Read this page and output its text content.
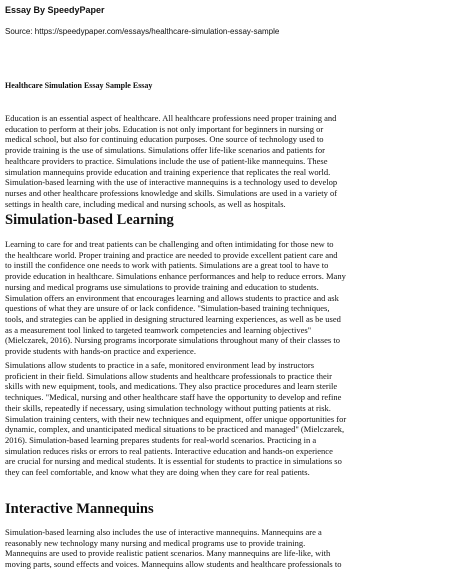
Essay By SpeedyPaper
Source: https://speedypaper.com/essays/healthcare-simulation-essay-sample
Healthcare Simulation Essay Sample Essay
Education is an essential aspect of healthcare. All healthcare professions need proper training and
education to perform at their jobs. Education is not only important for beginners in nursing or
medical school, but also for continuing education purposes. One source of technology used to
provide training is the use of simulations. Simulations offer life-like scenarios and patients for
healthcare providers to practice. Simulations include the use of patient-like mannequins. These
simulation mannequins provide education and training experience that replicates the real world.
Simulation-based learning with the use of interactive mannequins is a technology used to develop
nurses and other healthcare professions knowledge and skills. Simulations are used in a variety of
settings in health care, including medical and nursing schools, as well as hospitals.
Simulation-based Learning
Learning to care for and treat patients can be challenging and often intimidating for those new to
the healthcare world. Proper training and practice are needed to provide excellent patient care and
to instill the confidence one needs to work with patients. Simulations are a great tool to have to
provide education in healthcare. Simulations enhance performances and help to reduce errors. Many
nursing and medical programs use simulations to provide training and education to students.
Simulation offers an environment that encourages learning and allows students to practice and ask
questions of what they are unsure of or lack confidence. "Simulation-based training techniques,
tools, and strategies can be applied in designing structured learning experiences, as well as be used
as a measurement tool linked to targeted teamwork competencies and learning objectives"
(Mielczarek, 2016). Nursing programs incorporate simulations throughout many of their classes to
provide students with hands-on practice and experience.
Simulations allow students to practice in a safe, monitored environment lead by instructors
proficient in their field. Simulations allow students and healthcare professionals to practice their
skills with new equipment, tools, and medications. They also practice procedures and learn sterile
techniques. "Medical, nursing and other healthcare staff have the opportunity to develop and refine
their skills, repeatedly if necessary, using simulation technology without putting patients at risk.
Simulation training centers, with their new techniques and equipment, offer unique opportunities for
dynamic, complex, and unanticipated medical situations to be practiced and managed" (Mielczarek,
2016). Simulation-based learning prepares students for real-world scenarios. Practicing in a
simulation reduces risks or errors to real patients. Interactive education and hands-on experience
are crucial for nursing and medical students. It is essential for students to practice in simulations so
they can feel comfortable, and know what they are doing when they care for real patients.
Interactive Mannequins
Simulation-based learning also includes the use of interactive mannequins. Mannequins are a
reasonably new technology many nursing and medical programs use to provide training.
Mannequins are used to provide realistic patient scenarios. Many mannequins are life-like, with
moving parts, sound effects and voices. Mannequins allow students and healthcare professionals to
